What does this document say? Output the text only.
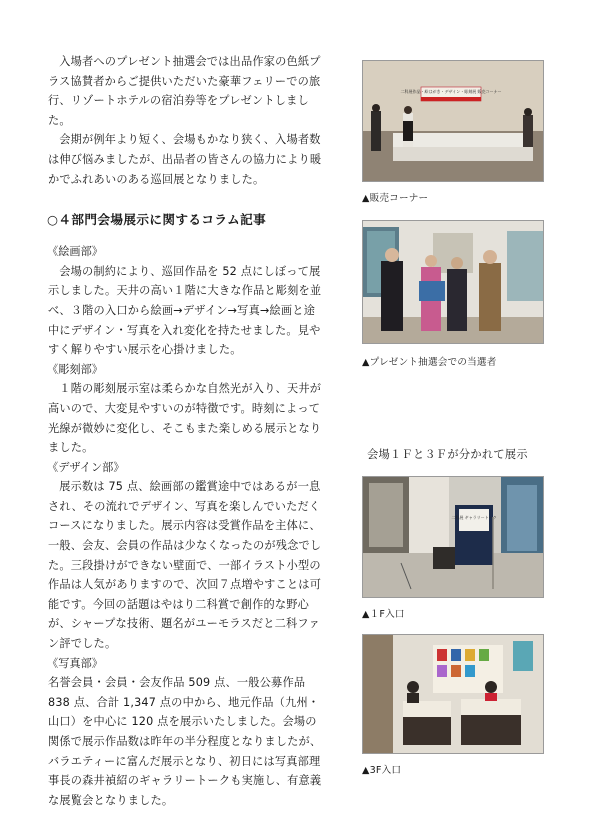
入場者へのプレゼント抽選会では出品作家の色紙プラス協賛者からご提供いただいた豪華フェリーでの旅行、リゾートホテルの宿泊券等をプレゼントしました。

会期が例年より短く、会場もかなり狭く、入場者数は伸び悩みましたが、出品者の皆さんの協力により暖かでふれあいのある巡回展となりました。

○４部門会場展示に関するコラム記事
《絵画部》

会場の制約により、巡回作品を 52 点にしぼって展示しました。天井の高い１階に大きな作品と彫刻を並べ、３階の入口から絵画→デザイン→写真→絵画と途中にデザイン・写真を入れ変化を持たせました。見やすく解りやすい展示を心掛けました。

《彫刻部》

１階の彫刻展示室は柔らかな自然光が入り、天井が高いので、大変見やすいのが特徴です。時刻によって光線が微妙に変化し、そこもまた楽しめる展示となりました。

《デザイン部》

展示数は 75 点、絵画部の鑑賞途中ではあるが一息され、その流れでデザイン、写真を楽しんでいただくコースになりました。展示内容は受賞作品を主体に、一般、会友、会員の作品は少なくなったのが残念でした。三段掛けができない壁面で、一部イラスト小型の作品は人気がありますので、次回７点増やすことは可能です。今回の話題はやはり二科賞で創作的な野心が、シャープな技術、題名がユーモラスだと二科ファン評でした。

《写真部》

名誉会員・会員・会友作品 509 点、一般公募作品 838 点、合計 1,347 点の中から、地元作品（九州・山口）を中心に 120 点を展示いたしました。会場の関係で展示作品数は昨年の半分程度となりましたが、バラエティーに富んだ展示となり、初日には写真部理事長の森井禎紹のギャラリートークも実施し、有意義な展覧会となりました。

二科展作品・絵はがき・デザイン・彫刻展 販売コーナー
▲販売コーナー
▲プレゼント抽選会での当選者
会場１Ｆと３Ｆが分かれて展示
二科展 ギャラリートーク
▲１F入口
▲3F入口
